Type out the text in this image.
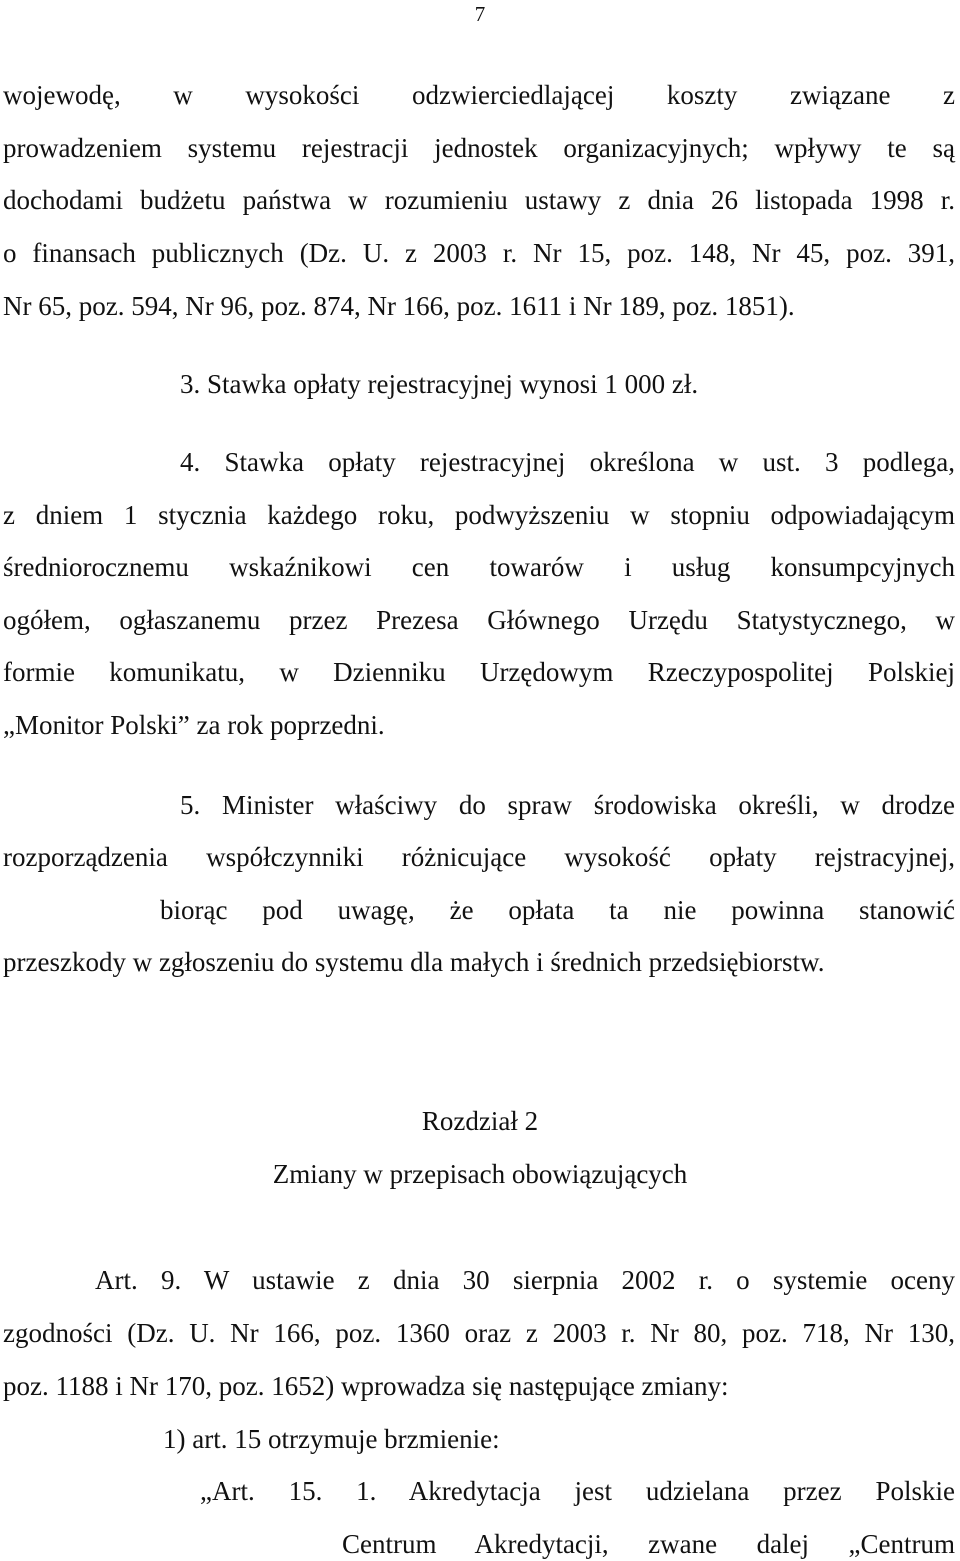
7
wojewodę, w wysokości odzwierciedlającej koszty związane z
prowadzeniem systemu rejestracji jednostek organizacyjnych; wpływy te są
dochodami budżetu państwa w rozumieniu ustawy z dnia 26 listopada 1998 r.
o finansach publicznych (Dz. U. z 2003 r. Nr 15, poz. 148, Nr 45, poz. 391,
Nr 65, poz. 594, Nr 96, poz. 874, Nr 166, poz. 1611 i Nr 189, poz. 1851).
3. Stawka opłaty rejestracyjnej wynosi 1 000 zł.
4. Stawka opłaty rejestracyjnej określona w ust. 3 podlega,
z dniem 1 stycznia każdego roku, podwyższeniu w stopniu odpowiadającym
średniorocznemu wskaźnikowi cen towarów i usług konsumpcyjnych
ogółem, ogłaszanemu przez Prezesa Głównego Urzędu Statystycznego, w
formie komunikatu, w Dzienniku Urzędowym Rzeczypospolitej Polskiej
„Monitor Polski” za rok poprzedni.
5. Minister właściwy do spraw środowiska określi, w drodze
rozporządzenia współczynniki różnicujące wysokość opłaty rejstracyjnej,
biorąc pod uwagę, że opłata ta nie powinna stanowić
przeszkody w zgłoszeniu do systemu dla małych i średnich przedsiębiorstw.
Rozdział 2
Zmiany w przepisach obowiązujących
Art. 9. W ustawie z dnia 30 sierpnia 2002 r. o systemie oceny
zgodności (Dz. U. Nr 166, poz. 1360 oraz z 2003 r. Nr 80, poz. 718, Nr 130,
poz. 1188 i Nr 170, poz. 1652) wprowadza się następujące zmiany:
1) art. 15 otrzymuje brzmienie:
„Art. 15. 1. Akredytacja jest udzielana przez Polskie
Centrum Akredytacji, zwane dalej „Centrum
